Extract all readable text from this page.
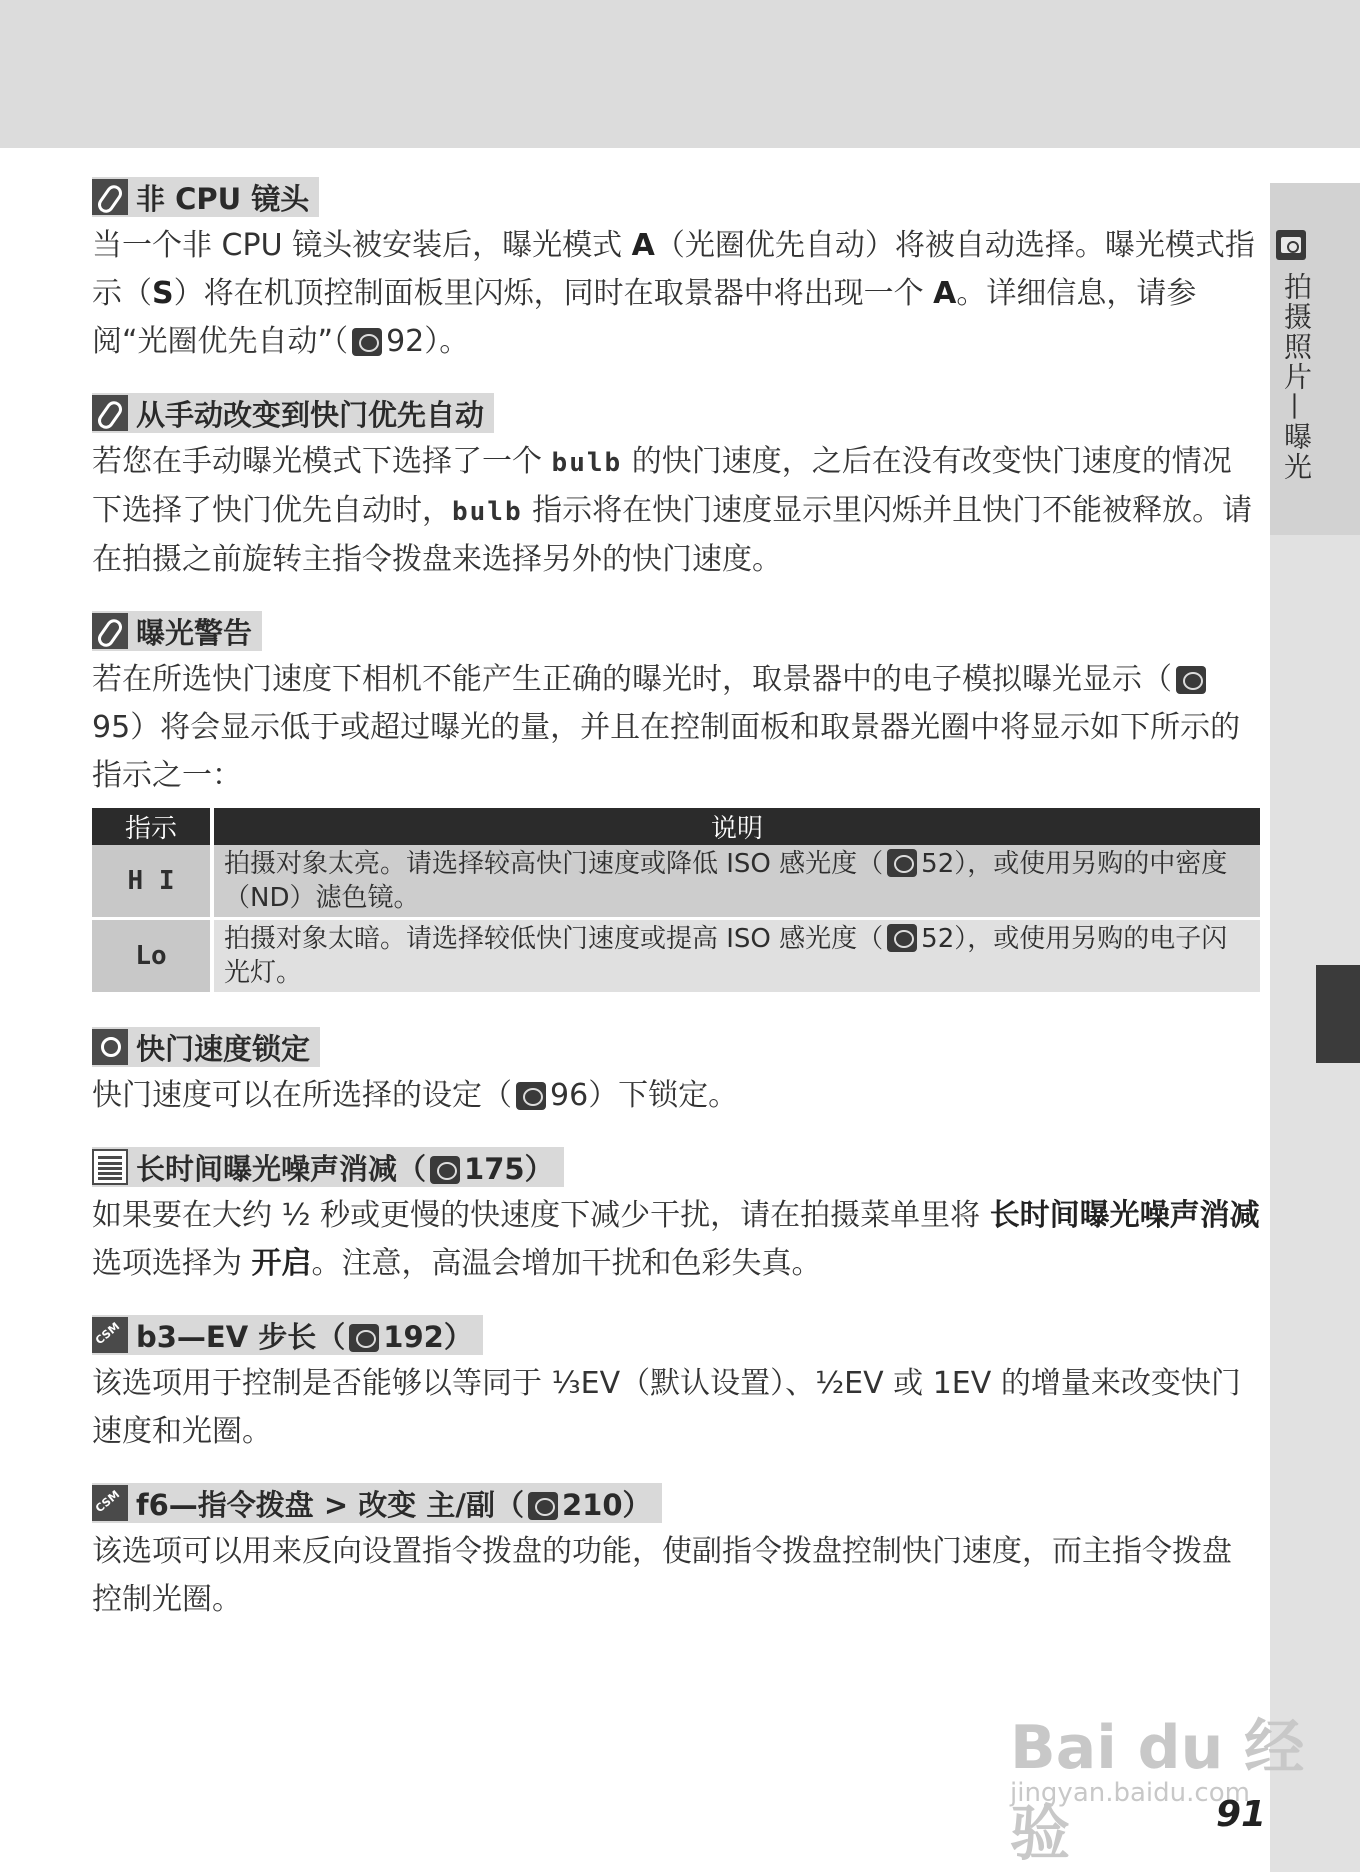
拍摄照片—曝光
非 CPU 镜头
当一个非 CPU 镜头被安装后，曝光模式 A（光圈优先自动）将被自动选择。曝光模式指示（S）将在机顶控制面板里闪烁，同时在取景器中将出现一个 A。详细信息，请参阅“光圈优先自动”（ 92）。
从手动改变到快门优先自动
若您在手动曝光模式下选择了一个 bulb 的快门速度，之后在没有改变快门速度的情况下选择了快门优先自动时，bulb 指示将在快门速度显示里闪烁并且快门不能被释放。请在拍摄之前旋转主指令拨盘来选择另外的快门速度。
曝光警告
若在所选快门速度下相机不能产生正确的曝光时，取景器中的电子模拟曝光显示（95）将会显示低于或超过曝光的量，并且在控制面板和取景器光圈中将显示如下所示的指示之一：
指示	说明
H I	拍摄对象太亮。请选择较高快门速度或降低 ISO 感光度（ 52），或使用另购的中密度（ND）滤色镜。
Lo	拍摄对象太暗。请选择较低快门速度或提高 ISO 感光度（ 52），或使用另购的电子闪光灯。
快门速度锁定
快门速度可以在所选择的设定（ 96）下锁定。
长时间曝光噪声消减（ 175）
如果要在大约 ½ 秒或更慢的快速度下减少干扰，请在拍摄菜单里将 长时间曝光噪声消减 选项选择为 开启。注意，高温会增加干扰和色彩失真。
CSM
b3—EV 步长（ 192）
该选项用于控制是否能够以等同于 ⅓EV（默认设置）、½EV 或 1EV 的增量来改变快门速度和光圈。
CSM
f6—指令拨盘 > 改变 主/副（ 210）
该选项可以用来反向设置指令拨盘的功能，使副指令拨盘控制快门速度，而主指令拨盘控制光圈。
Bai du 经验
jingyan.baidu.com
91
